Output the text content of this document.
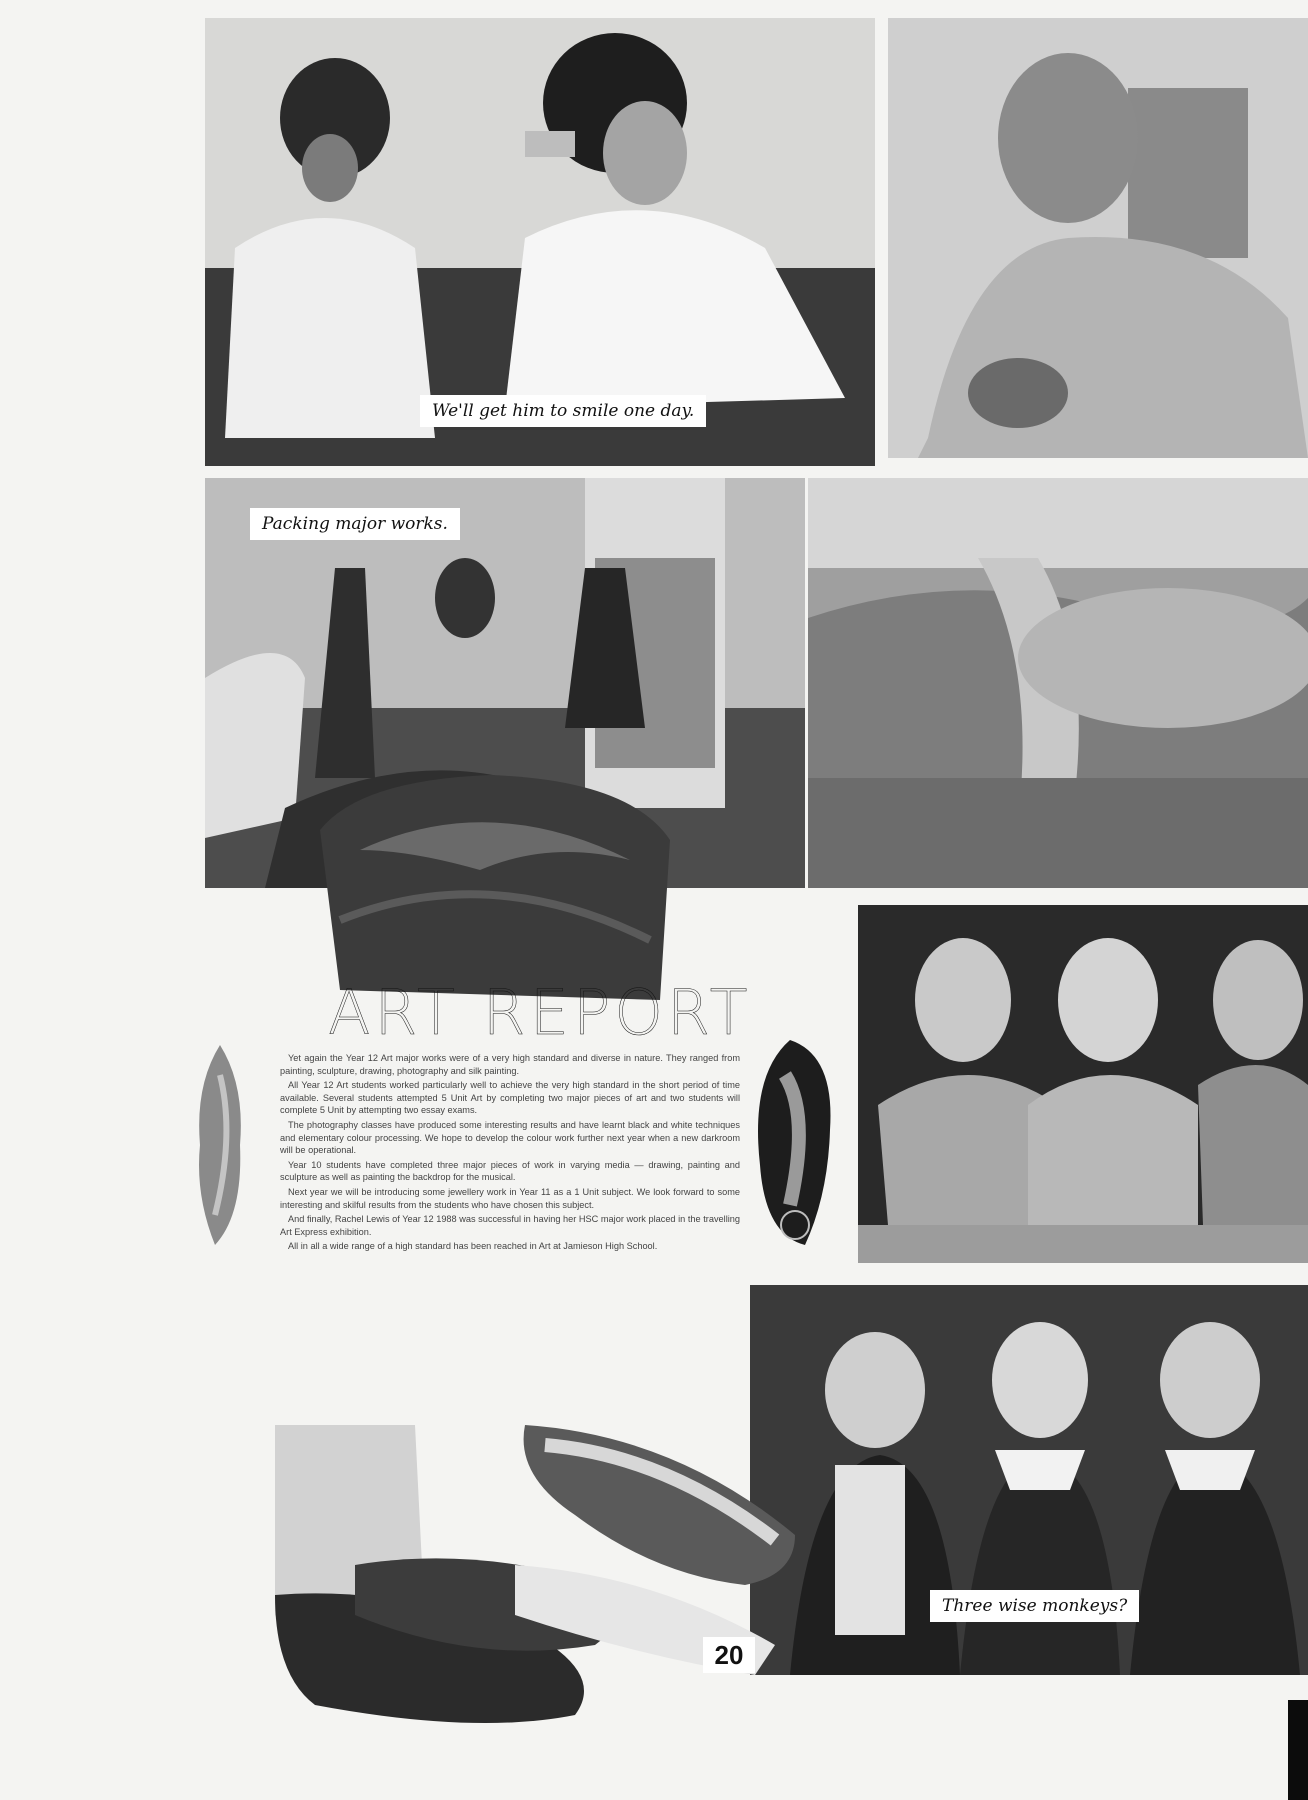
We'll get him to smile one day.
Packing major works.
ART REPORT

Yet again the Year 12 Art major works were of a very high standard and diverse in nature. They ranged from painting, sculpture, drawing, photography and silk painting.

All Year 12 Art students worked particularly well to achieve the very high standard in the short period of time available. Several students attempted 5 Unit Art by completing two major pieces of art and two students will complete 5 Unit by attempting two essay exams.

The photography classes have produced some interesting results and have learnt black and white techniques and elementary colour processing. We hope to develop the colour work further next year when a new darkroom will be operational.

Year 10 students have completed three major pieces of work in varying media — drawing, painting and sculpture as well as painting the backdrop for the musical.

Next year we will be introducing some jewellery work in Year 11 as a 1 Unit subject. We look forward to some interesting and skilful results from the students who have chosen this subject.

And finally, Rachel Lewis of Year 12 1988 was successful in having her HSC major work placed in the travelling Art Express exhibition.

All in all a wide range of a high standard has been reached in Art at Jamieson High School.

Three wise monkeys?
20
